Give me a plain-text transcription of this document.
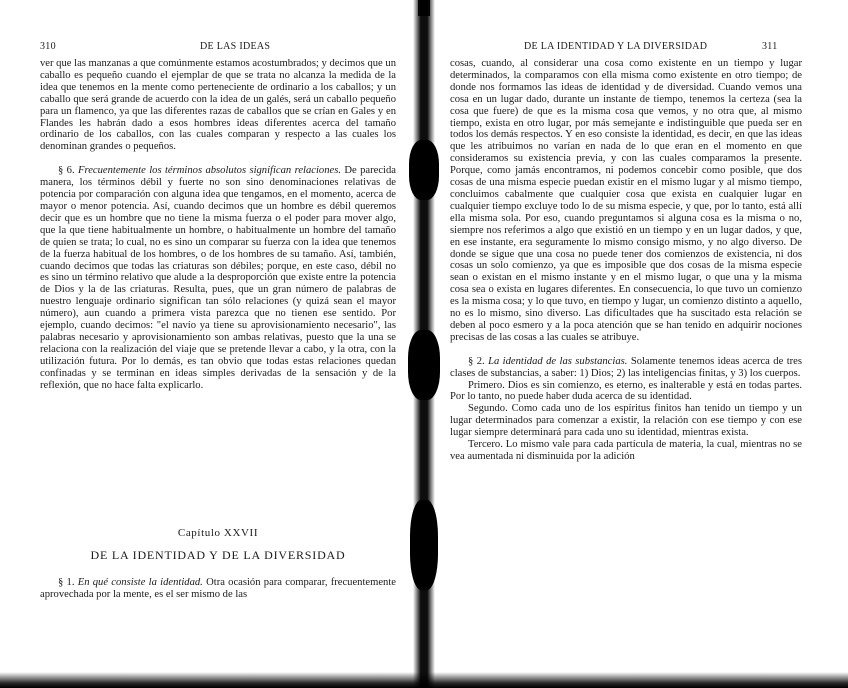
310	DE LAS IDEAS

ver que las manzanas a que comúnmente estamos acostumbrados; y decimos que un caballo es pequeño cuando el ejemplar de que se trata no alcanza la medida de la idea que tenemos en la mente como perteneciente de ordinario a los caballos; y un caballo que será grande de acuerdo con la idea de un galés, será un caballo pequeño para un flamenco, ya que las diferentes razas de caballos que se crían en Gales y en Flandes les habrán dado a esos hombres ideas diferentes acerca del tamaño ordinario de los caballos, con las cuales comparan y respecto a las cuales los denominan grandes o pequeños.

§ 6. Frecuentemente los términos absolutos significan relaciones. De parecida manera, los términos débil y fuerte no son sino denominaciones relativas de potencia por comparación con alguna idea que tengamos, en el momento, acerca de mayor o menor potencia. Así, cuando decimos que un hombre es débil queremos decir que es un hombre que no tiene la misma fuerza o el poder para mover algo, que la que tiene habitualmente un hombre, o habitualmente un hombre del tamaño de quien se trata; lo cual, no es sino un comparar su fuerza con la idea que tenemos de la fuerza habitual de los hombres, o de los hombres de su tamaño. Así, también, cuando decimos que todas las criaturas son débiles; porque, en este caso, débil no es sino un término relativo que alude a la desproporción que existe entre la potencia de Dios y la de las criaturas. Resulta, pues, que un gran número de palabras de nuestro lenguaje ordinario significan tan sólo relaciones (y quizá sean el mayor número), aun cuando a primera vista parezca que no tienen ese sentido. Por ejemplo, cuando decimos: "el navío ya tiene su aprovisionamiento necesario", las palabras necesario y aprovisionamiento son ambas relativas, puesto que la una se relaciona con la realización del viaje que se pretende llevar a cabo, y la otra, con la utilización futura. Por lo demás, es tan obvio que todas estas relaciones quedan confinadas y se terminan en ideas simples derivadas de la sensación y de la reflexión, que no hace falta explicarlo.

Capítulo XXVII

DE LA IDENTIDAD Y DE LA DIVERSIDAD

§ 1. En qué consiste la identidad. Otra ocasión para comparar, frecuentemente aprovechada por la mente, es el ser mismo de las

DE LA IDENTIDAD Y LA DIVERSIDAD	311

cosas, cuando, al considerar una cosa como existente en un tiempo y lugar determinados, la comparamos con ella misma como existente en otro tiempo; de donde nos formamos las ideas de identidad y de diversidad. Cuando vemos una cosa en un lugar dado, durante un instante de tiempo, tenemos la certeza (sea la cosa que fuere) de que es la misma cosa que vemos, y no otra que, al mismo tiempo, exista en otro lugar, por más semejante e indistinguible que pueda ser en todos los demás respectos. Y en eso consiste la identidad, es decir, en que las ideas que les atribuimos no varían en nada de lo que eran en el momento en que consideramos su existencia previa, y con las cuales comparamos la presente. Porque, como jamás encontramos, ni podemos concebir como posible, que dos cosas de una misma especie puedan existir en el mismo lugar y al mismo tiempo, concluimos cabalmente que cualquier cosa que exista en cualquier lugar en cualquier tiempo excluye todo lo de su misma especie, y que, por lo tanto, está allí ella misma sola. Por eso, cuando preguntamos si alguna cosa es la misma o no, siempre nos referimos a algo que existió en un tiempo y en un lugar dados, y que, en ese instante, era seguramente lo mismo consigo mismo, y no algo diverso. De donde se sigue que una cosa no puede tener dos comienzos de existencia, ni dos cosas un solo comienzo, ya que es imposible que dos cosas de la misma especie sean o existan en el mismo instante y en el mismo lugar, o que una y la misma cosa sea o exista en lugares diferentes. En consecuencia, lo que tuvo un comienzo es la misma cosa; y lo que tuvo, en tiempo y lugar, un comienzo distinto a aquello, no es lo mismo, sino diverso. Las dificultades que ha suscitado esta relación se deben al poco esmero y a la poca atención que se han tenido en adquirir nociones precisas de las cosas a las cuales se atribuye.

§ 2. La identidad de las substancias. Solamente tenemos ideas acerca de tres clases de substancias, a saber: 1) Dios; 2) las inteligencias finitas, y 3) los cuerpos.

Primero. Dios es sin comienzo, es eterno, es inalterable y está en todas partes. Por lo tanto, no puede haber duda acerca de su identidad.

Segundo. Como cada uno de los espíritus finitos han tenido un tiempo y un lugar determinados para comenzar a existir, la relación con ese tiempo y con ese lugar siempre determinará para cada uno su identidad, mientras exista.

Tercero. Lo mismo vale para cada partícula de materia, la cual, mientras no se vea aumentada ni disminuida por la adición
